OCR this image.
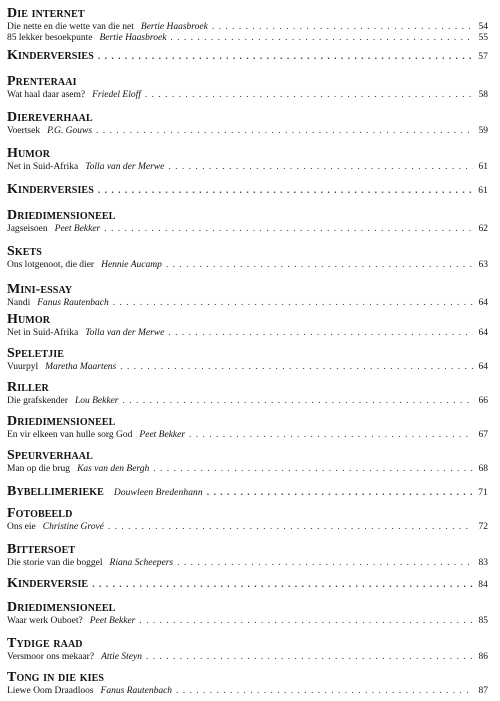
Die internet
Die nette en die wette van die net Bertie Haasbroek . . .	54
85 lekker besoekpunte Bertie Haasbroek . . .	55
Kinderversies . . .	57
Prenteraai
Wat haal daar asem? Friedel Eloff . . .	58
Diereverhaal
Voertsek P.G. Gouws . . .	59
Humor
Net in Suid-Afrika Tolla van der Merwe . . .	61
Kinderversies . . .	61
Driedimensioneel
Jagseisoen Peet Bekker . . .	62
Skets
Ons lotgenoot, die dier Hennie Aucamp . . .	63
Mini-essay
Nandi Fanus Rautenbach . . .	64
Humor
Net in Suid-Afrika Tolla van der Merwe . . .	64
Speletjie
Vuurpyl Maretha Maartens . . .	64
Riller
Die grafskender Lou Bekker . . .	66
Driedimensioneel
En vir elkeen van hulle sorg God Peet Bekker . . .	67
Speurverhaal
Man op die brug Kas van den Bergh . . .	68
Bybellimerieke Douwleen Bredenhann . . .	71
Fotobeeld
Ons eie Christine Grové . . .	72
Bittersoet
Die storie van die boggel Riana Scheepers . . .	83
Kinderversie . . .	84
Driedimensioneel
Waar werk Ouboet? Peet Bekker . . .	85
Tydige raad
Versmoor ons mekaar? Attie Steyn . . .	86
Tong in die kies
Liewe Oom Draadloos Fanus Rautenbach . . .	87
